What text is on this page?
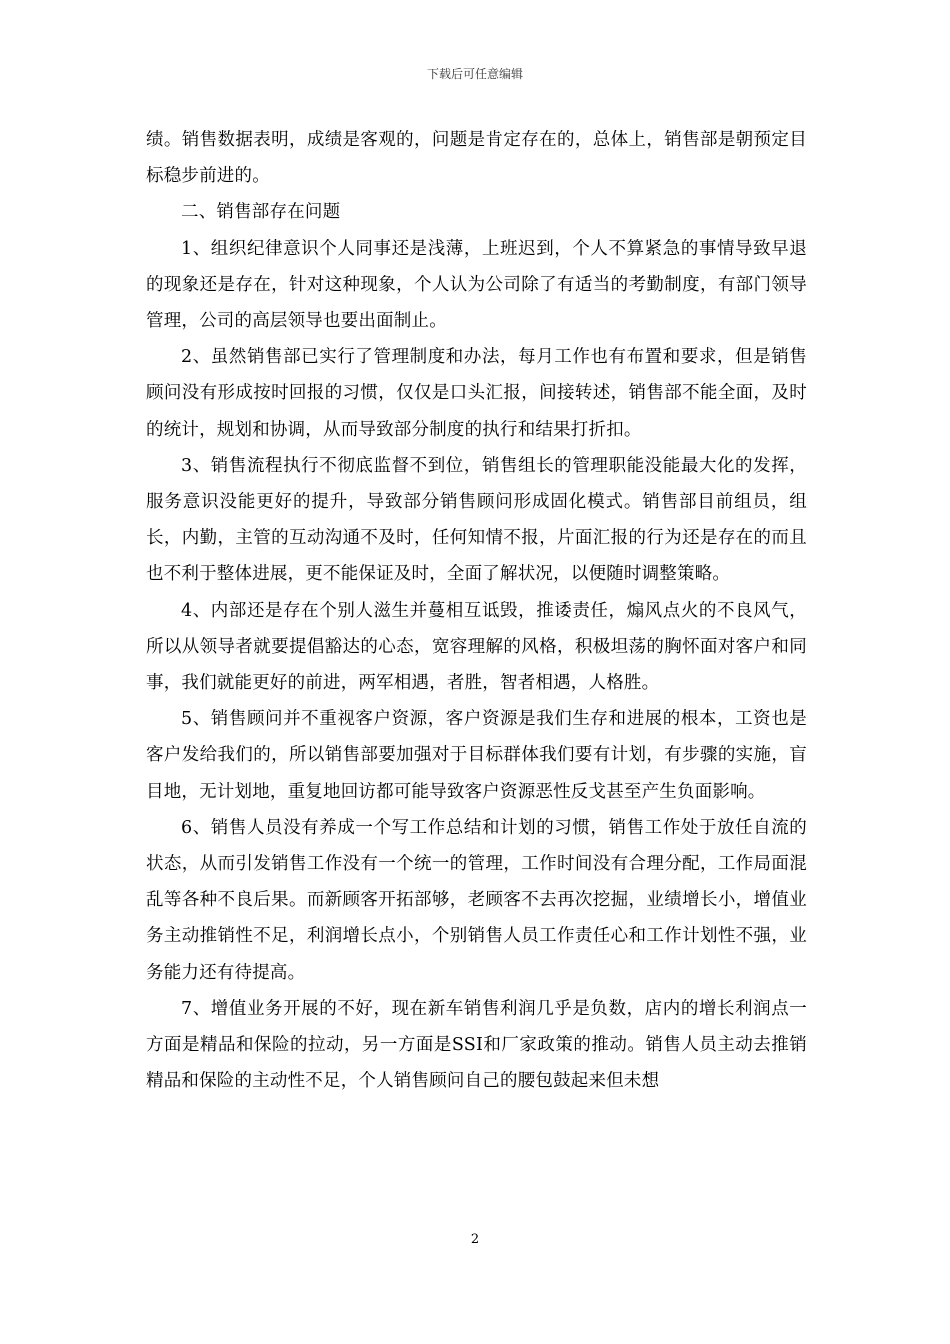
下载后可任意编辑

绩。销售数据表明，成绩是客观的，问题是肯定存在的，总体上，销售部是朝预定目标稳步前进的。

二、销售部存在问题

1、组织纪律意识个人同事还是浅薄，上班迟到，个人不算紧急的事情导致早退的现象还是存在，针对这种现象，个人认为公司除了有适当的考勤制度，有部门领导管理，公司的高层领导也要出面制止。

2、虽然销售部已实行了管理制度和办法，每月工作也有布置和要求，但是销售顾问没有形成按时回报的习惯，仅仅是口头汇报，间接转述，销售部不能全面，及时的统计，规划和协调，从而导致部分制度的执行和结果打折扣。

3、销售流程执行不彻底监督不到位，销售组长的管理职能没能最大化的发挥，服务意识没能更好的提升，导致部分销售顾问形成固化模式。销售部目前组员，组长，内勤，主管的互动沟通不及时，任何知情不报，片面汇报的行为还是存在的而且也不利于整体进展，更不能保证及时，全面了解状况，以便随时调整策略。

4、内部还是存在个别人滋生并蔓相互诋毁，推诿责任，煽风点火的不良风气，所以从领导者就要提倡豁达的心态，宽容理解的风格，积极坦荡的胸怀面对客户和同事，我们就能更好的前进，两军相遇，者胜，智者相遇，人格胜。

5、销售顾问并不重视客户资源，客户资源是我们生存和进展的根本，工资也是客户发给我们的，所以销售部要加强对于目标群体我们要有计划，有步骤的实施，盲目地，无计划地，重复地回访都可能导致客户资源恶性反戈甚至产生负面影响。

6、销售人员没有养成一个写工作总结和计划的习惯，销售工作处于放任自流的状态，从而引发销售工作没有一个统一的管理，工作时间没有合理分配，工作局面混乱等各种不良后果。而新顾客开拓部够，老顾客不去再次挖掘，业绩增长小，增值业务主动推销性不足，利润增长点小，个别销售人员工作责任心和工作计划性不强，业务能力还有待提高。

7、增值业务开展的不好，现在新车销售利润几乎是负数，店内的增长利润点一方面是精品和保险的拉动，另一方面是SSI和厂家政策的推动。销售人员主动去推销精品和保险的主动性不足，个人销售顾问自己的腰包鼓起来但未想

2
